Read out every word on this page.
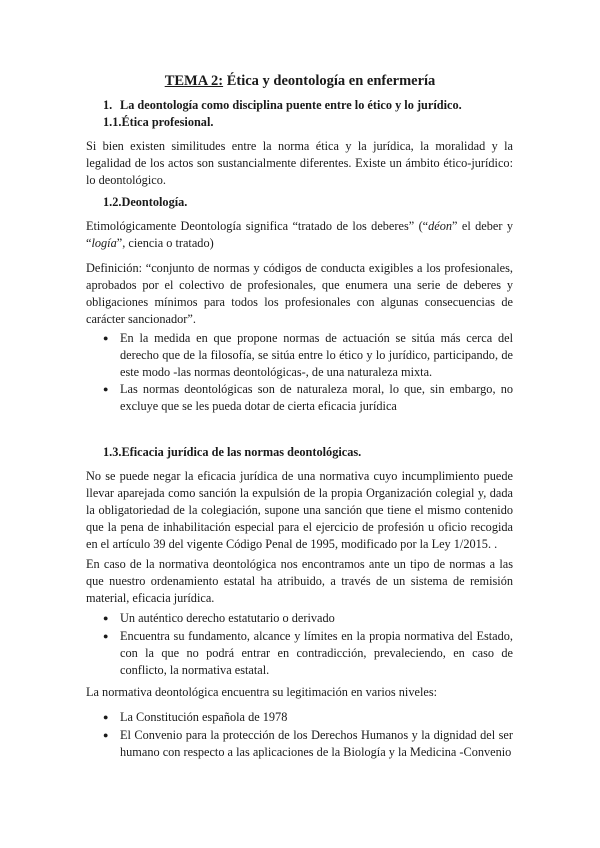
TEMA 2: Ética y deontología en enfermería
1. La deontología como disciplina puente entre lo ético y lo jurídico.
1.1.Ética profesional.
Si bien existen similitudes entre la norma ética y la jurídica, la moralidad y la legalidad de los actos son sustancialmente diferentes. Existe un ámbito ético-jurídico: lo deontológico.
1.2.Deontología.
Etimológicamente Deontología significa “tratado de los deberes” (“déon” el deber y “logía”, ciencia o tratado)
Definición: “conjunto de normas y códigos de conducta exigibles a los profesionales, aprobados por el colectivo de profesionales, que enumera una serie de deberes y obligaciones mínimos para todos los profesionales con algunas consecuencias de carácter sancionador”.
● En la medida en que propone normas de actuación se sitúa más cerca del derecho que de la filosofía, se sitúa entre lo ético y lo jurídico, participando, de este modo -las normas deontológicas-, de una naturaleza mixta.
● Las normas deontológicas son de naturaleza moral, lo que, sin embargo, no excluye que se les pueda dotar de cierta eficacia jurídica
1.3.Eficacia jurídica de las normas deontológicas.
No se puede negar la eficacia jurídica de una normativa cuyo incumplimiento puede llevar aparejada como sanción la expulsión de la propia Organización colegial y, dada la obligatoriedad de la colegiación, supone una sanción que tiene el mismo contenido que la pena de inhabilitación especial para el ejercicio de profesión u oficio recogida en el artículo 39 del vigente Código Penal de 1995, modificado por la Ley 1/2015. .
En caso de la normativa deontológica nos encontramos ante un tipo de normas a las que nuestro ordenamiento estatal ha atribuido, a través de un sistema de remisión material, eficacia jurídica.
● Un auténtico derecho estatutario o derivado
● Encuentra su fundamento, alcance y límites en la propia normativa del Estado, con la que no podrá entrar en contradicción, prevaleciendo, en caso de conflicto, la normativa estatal.
La normativa deontológica encuentra su legitimación en varios niveles:
● La Constitución española de 1978
● El Convenio para la protección de los Derechos Humanos y la dignidad del ser humano con respecto a las aplicaciones de la Biología y la Medicina -Convenio
